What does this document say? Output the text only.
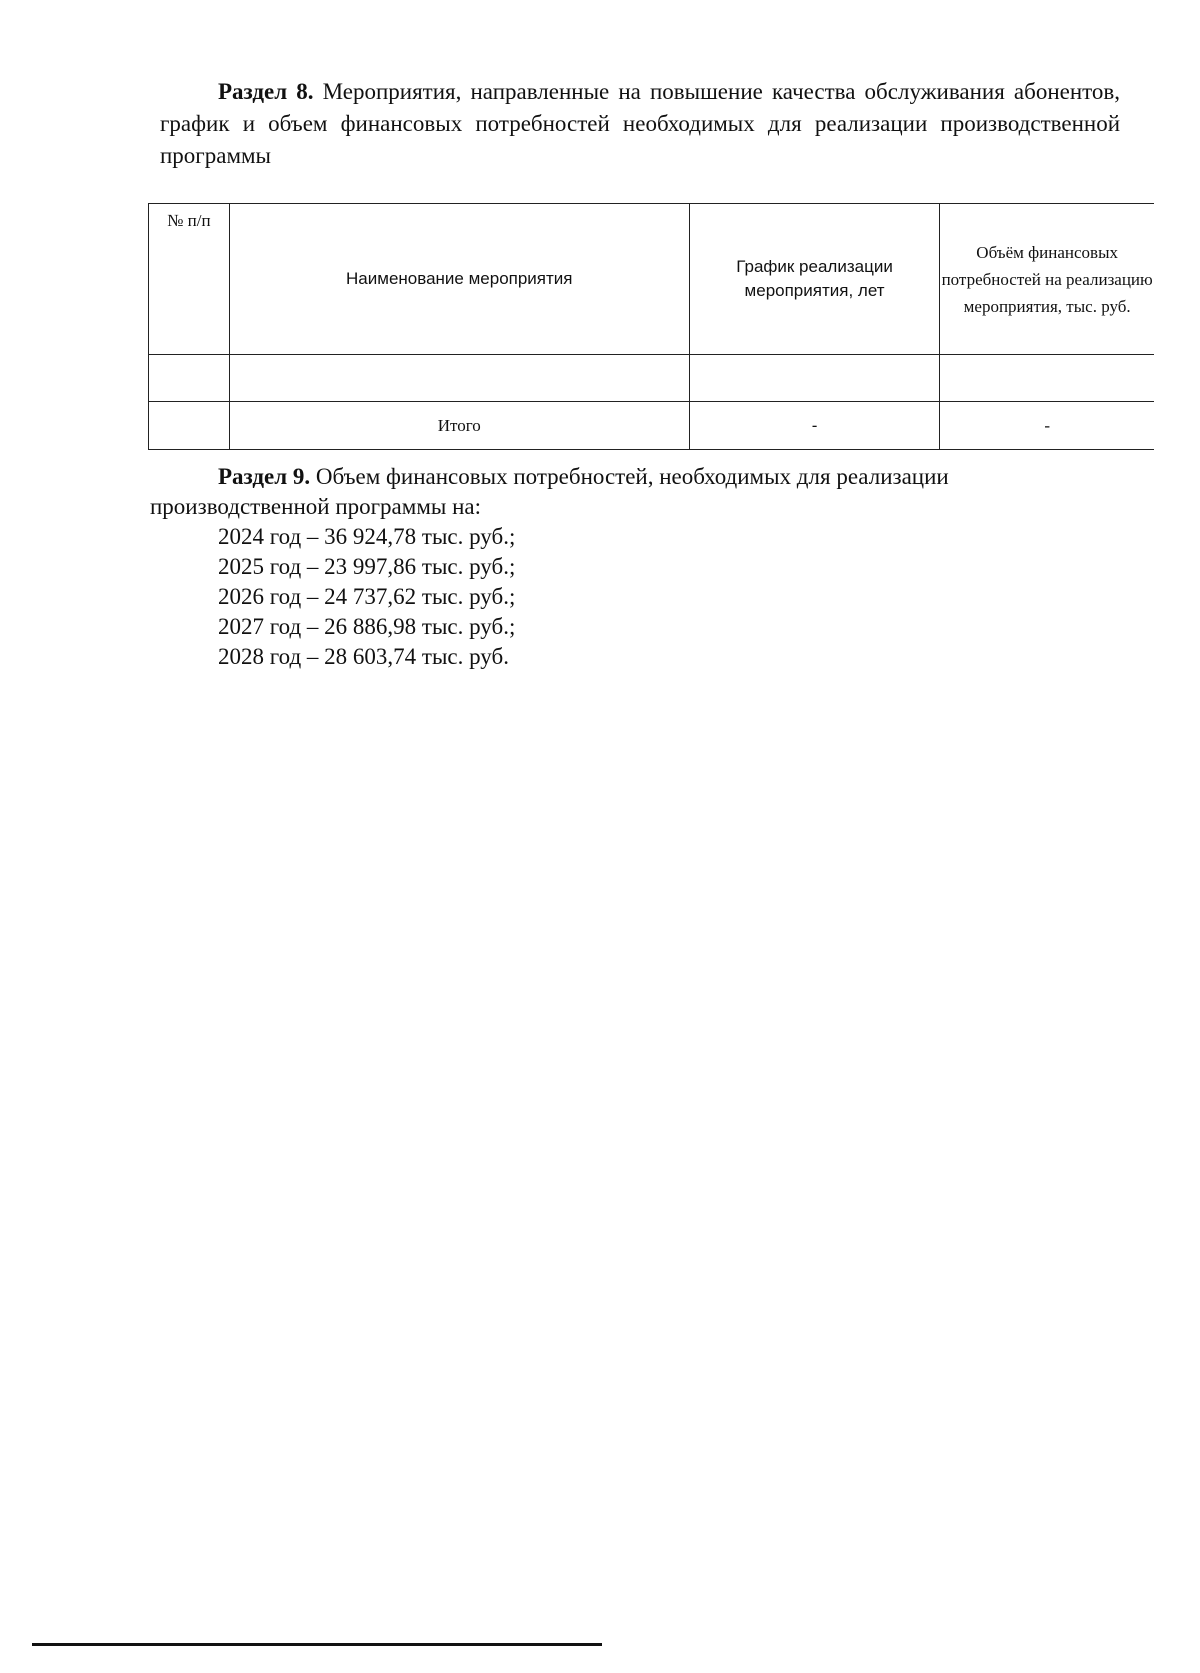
Раздел 8. Мероприятия, направленные на повышение качества обслуживания абонентов, график и объем финансовых потребностей необходимых для реализации производственной программы
№ п/п	Наименование мероприятия	График реализации мероприятия, лет	Объём финансовых потребностей на реализацию мероприятия, тыс. руб.

	Итого	-	-

Раздел 9. Объем финансовых потребностей, необходимых для реализации производственной программы на:

2024 год – 36 924,78 тыс. руб.;
2025 год – 23 997,86 тыс. руб.;
2026 год – 24 737,62 тыс. руб.;
2027 год – 26 886,98 тыс. руб.;
2028 год – 28 603,74 тыс. руб.
